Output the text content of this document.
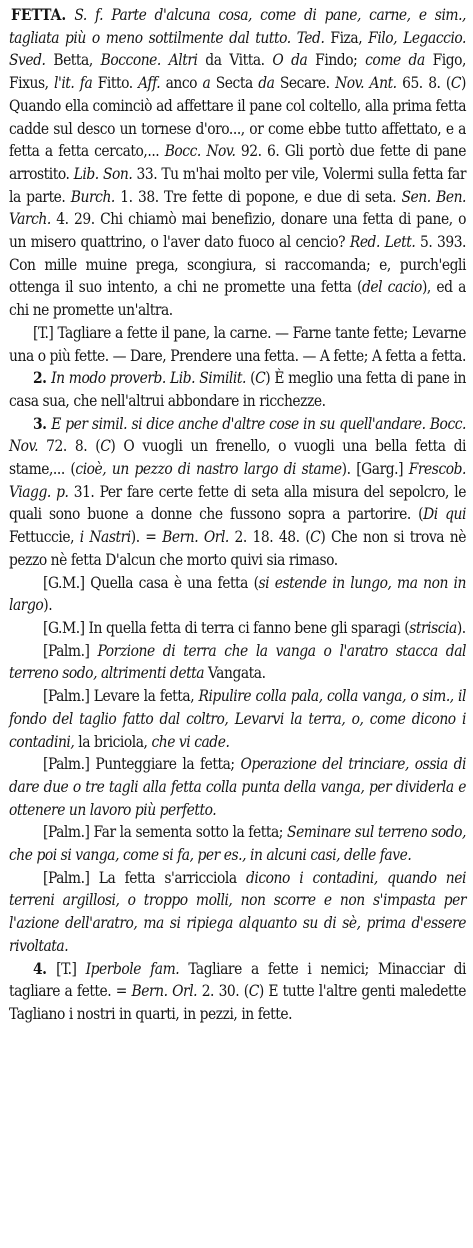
FETTA. S. f. Parte d'alcuna cosa, come di pane, carne, e sim., tagliata più o meno sottilmente dal tutto. Ted. Fiza, Filo, Legaccio. Sved. Betta, Boccone. Altri da Vitta. O da Findo; come da Figo, Fixus, l'it. fa Fitto. Aff. anco a Secta da Secare. Nov. Ant. 65. 8. (C) Quando ella cominciò ad affettare il pane col coltello, alla prima fetta cadde sul desco un tornese d'oro..., or come ebbe tutto affettato, e a fetta a fetta cercato,... Bocc. Nov. 92. 6. Gli portò due fette di pane arrostito. Lib. Son. 33. Tu m'hai molto per vile, Volermi sulla fetta far la parte. Burch. 1. 38. Tre fette di popone, e due di seta. Sen. Ben. Varch. 4. 29. Chi chiamò mai benefizio, donare una fetta di pane, o un misero quattrino, o l'aver dato fuoco al cencio? Red. Lett. 5. 393. Con mille muine prega, scongiura, si raccomanda; e, purch'egli ottenga il suo intento, a chi ne promette una fetta (del cacio), ed a chi ne promette un'altra.

[T.] Tagliare a fette il pane, la carne. — Farne tante fette; Levarne una o più fette. — Dare, Prendere una fetta. — A fette; A fetta a fetta.

2. In modo proverb. Lib. Similit. (C) È meglio una fetta di pane in casa sua, che nell'altrui abbondare in ricchezze.

3. E per simil. si dice anche d'altre cose in su quell'andare. Bocc. Nov. 72. 8. (C) O vuogli un frenello, o vuogli una bella fetta di stame,... (cioè, un pezzo di nastro largo di stame). [Garg.] Frescob. Viagg. p. 31. Per fare certe fette di seta alla misura del sepolcro, le quali sono buone a donne che fussono sopra a partorire. (Di qui Fettuccie, i Nastri). = Bern. Orl. 2. 18. 48. (C) Che non si trova nè pezzo nè fetta D'alcun che morto quivi sia rimaso.

[G.M.] Quella casa è una fetta (si estende in lungo, ma non in largo).

[G.M.] In quella fetta di terra ci fanno bene gli sparagi (striscia).

[Palm.] Porzione di terra che la vanga o l'aratro stacca dal terreno sodo, altrimenti detta Vangata.

[Palm.] Levare la fetta, Ripulire colla pala, colla vanga, o sim., il fondo del taglio fatto dal coltro, Levarvi la terra, o, come dicono i contadini, la briciola, che vi cade.

[Palm.] Punteggiare la fetta; Operazione del trinciare, ossia di dare due o tre tagli alla fetta colla punta della vanga, per dividerla e ottenere un lavoro più perfetto.

[Palm.] Far la sementa sotto la fetta; Seminare sul terreno sodo, che poi si vanga, come si fa, per es., in alcuni casi, delle fave.

[Palm.] La fetta s'arricciola dicono i contadini, quando nei terreni argillosi, o troppo molli, non scorre e non s'impasta per l'azione dell'aratro, ma si ripiega alquanto su di sè, prima d'essere rivoltata.

4. [T.] Iperbole fam. Tagliare a fette i nemici; Minacciar di tagliare a fette. = Bern. Orl. 2. 30. (C) E tutte l'altre genti maledette Tagliano i nostri in quarti, in pezzi, in fette.
